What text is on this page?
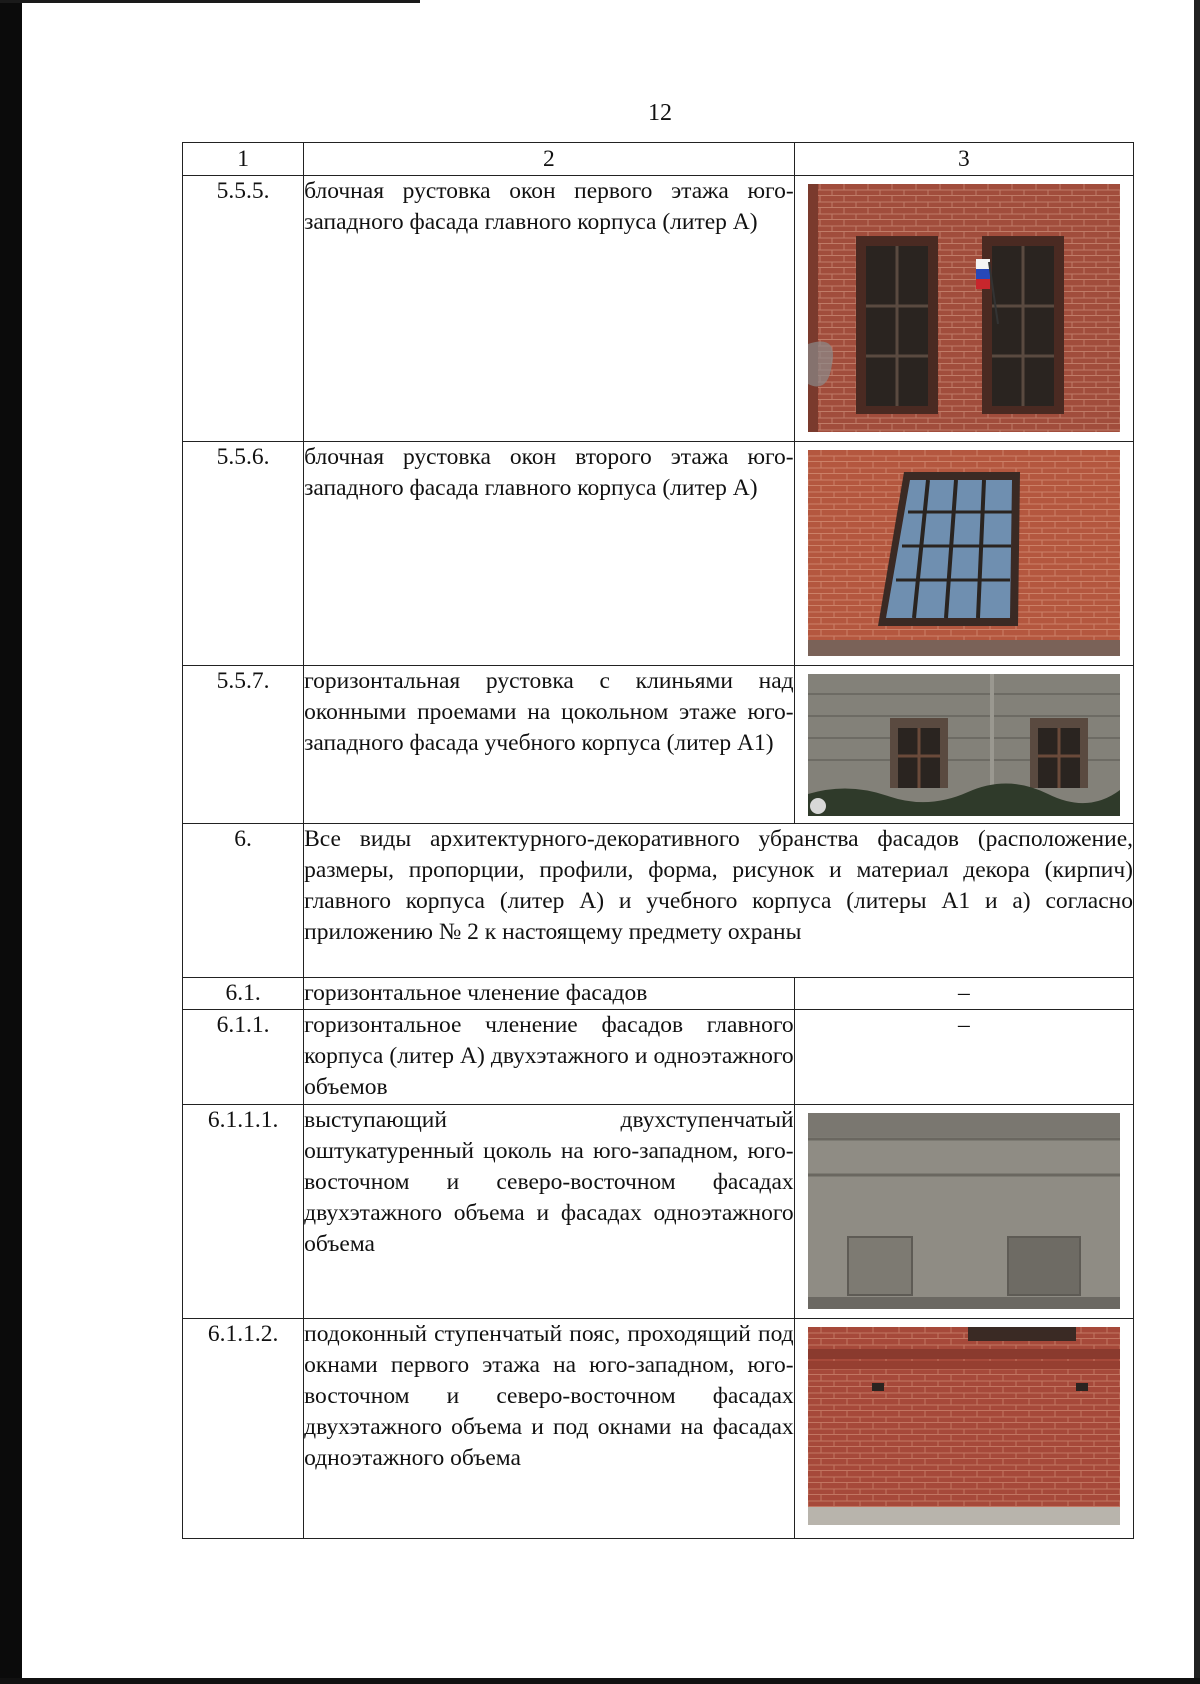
12
1	2	3
5.5.5.	блочная рустовка окон первого этажа юго-западного фасада главного корпуса (литер А)	

5.5.6.	блочная рустовка окон второго этажа юго-западного фасада главного корпуса (литер А)	

5.5.7.	горизонтальная рустовка с клиньями над оконными проемами на цокольном этаже юго-западного фасада учебного корпуса (литер А1)	

6.	Все виды архитектурного-декоративного убранства фасадов (расположение, размеры, пропорции, профили, форма, рисунок и материал декора (кирпич) главного корпуса (литер А) и учебного корпуса (литеры А1 и а) согласно приложению № 2 к настоящему предмету охраны	
6.1.	горизонтальное членение фасадов	–
6.1.1.	горизонтальное членение фасадов главного корпуса (литер А) двухэтажного и одноэтажного объемов	–
6.1.1.1.	выступающий двухступенчатый оштукатуренный цоколь на юго-западном, юго-восточном и северо-восточном фасадах двухэтажного объема и фасадах одноэтажного объема	

6.1.1.2.	подоконный ступенчатый пояс, проходящий под окнами первого этажа на юго-западном, юго-восточном и северо-восточном фасадах двухэтажного объема и под окнами на фасадах одноэтажного объема	
